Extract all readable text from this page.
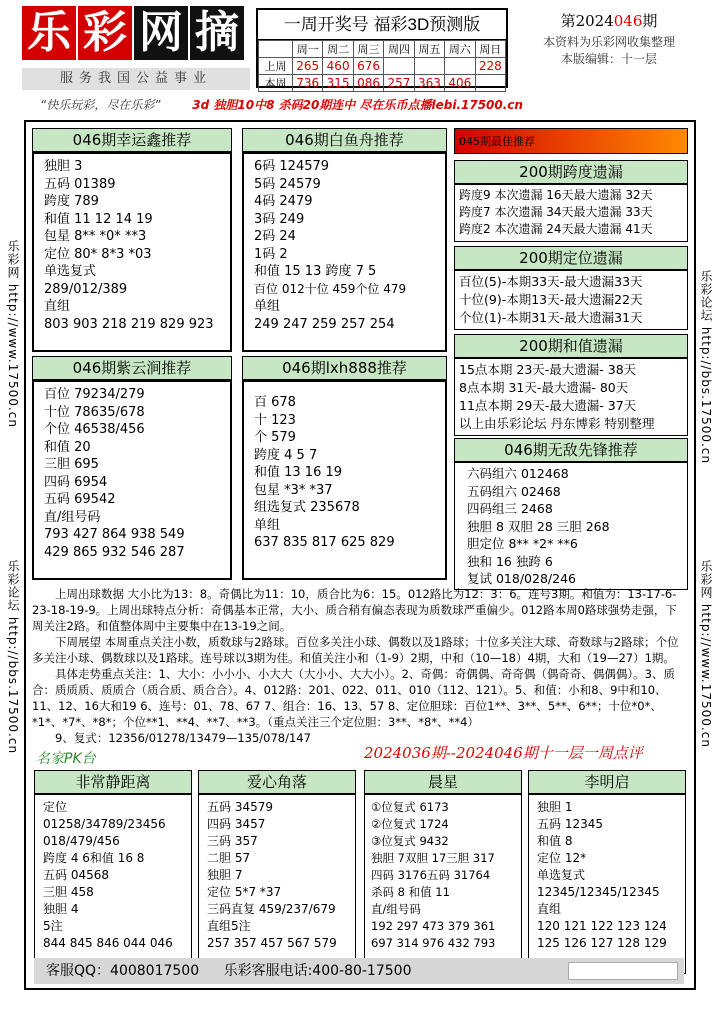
乐 彩 网 摘
服务我国公益事业
一周开奖号 福彩3D预测版
	周一	周二	周三	周四	周五	周六	周日
上周	265	460	676				228
本周	736	315	086	257	363	406	
第2024046期
本资料为乐彩网收集整理
本版编辑：十一层
“快乐玩彩，尽在乐彩”	3d 独胆10中8 杀码20期连中 尽在乐币点播lebi.17500.cn
乐彩网 http://www.17500.cn
乐彩论坛 http://bbs.17500.cn
乐彩论坛 http://bbs.17500.cn
乐彩网 http://www.17500.cn
046期幸运鑫推荐
独胆 3
五码 01389
跨度 789
和值 11 12 14 19
包星 8** *0* **3
定位 80* 8*3 *03
单选复式
289/012/389
直组
803 903 218 219 829 923
046期白鱼舟推荐
6码 124579
5码 24579
4码 2479
3码 249
2码 24
1码 2
和值 15 13 跨度 7 5
百位 012十位 459个位 479
单组
249 247 259 257 254
046期紫云涧推荐
百位 79234/279
十位 78635/678
个位 46538/456
和值 20
三胆 695
四码 6954
五码 69542
直/组号码
793 427 864 938 549
429 865 932 546 287
046期lxh888推荐
百 678
十 123
个 579
跨度 4 5 7
和值 13 16 19
包星 *3* *37
组选复式 235678
单组
637 835 817 625 829
045期最佳推荐
200期跨度遗漏
跨度9 本次遗漏 16天最大遗漏 32天
跨度7 本次遗漏 34天最大遗漏 33天
跨度2 本次遗漏 24天最大遗漏 41天
200期定位遗漏
百位(5)-本期33天-最大遗漏33天
十位(9)-本期13天-最大遗漏22天
个位(1)-本期31天-最大遗漏31天
200期和值遗漏
15点本期 23天-最大遗漏- 38天
8点本期 31天-最大遗漏- 80天
11点本期 29天-最大遗漏- 37天
以上由乐彩论坛 丹东博彩 特别整理
046期无敌先锋推荐
六码组六 012468
五码组六 02468
四码组三 2468
独胆 8 双胆 28 三胆 268
胆定位 8** *2* **6
独和 16 独跨 6
复试 018/028/246
上周出球数据 大小比为13：8。奇偶比为11：10，质合比为6：15。012路比为12：3：6。连号3期。和值为：13-17-6-23-18-19-9。上周出球特点分析：奇偶基本正常，大小、质合稍有偏态表现为质数球严重偏少。012路本周0路球强势走强，下周关注2路。和值整体周中主要集中在13-19之间。
下周展望 本周重点关注小数，质数球与2路球。百位多关注小球、偶数以及1路球；十位多关注大球、奇数球与2路球；个位多关注小球、偶数球以及1路球。连号球以3期为佳。和值关注小和（1-9）2期，中和（10—18）4期，大和（19—27）1期。
具体走势重点关注：1、大小：小小小、小大大（大小小、大大小）。2、奇偶：奇偶偶、奇奇偶（偶奇奇、偶偶偶）。3、质合：质质质、质质合（质合质、质合合）。4、012路：201、022、011、010（112、121）。5、和值：小和8、9中和10、11、12、16大和19 6、连号：01、78、67 7、组合：16、13、57 8、定位胆球：百位1**、3**、5**、6**；十位*0*、*1*、*7*、*8*；个位**1、**4、**7、**3。（重点关注三个定位胆：3**、*8*、**4）
9、复式：12356/01278/13479—135/078/147
名家PK台	2024036期--2024046期十一层一周点评
非常静距离
定位
01258/34789/23456
018/479/456
跨度 4 6和值 16 8
五码 04568
三胆 458
独胆 4
5注
844 845 846 044 046
爱心角落
五码 34579
四码 3457
三码 357
二胆 57
独胆 7
定位 5*7 *37
三码直复 459/237/679
直组5注
257 357 457 567 579
晨星
①位复式 6173
②位复式 1724
③位复式 9432
独胆 7双胆 17三胆 317
四码 3176五码 31764
杀码 8 和值 11
直/组号码
192 297 473 379 361
697 314 976 432 793
李明启
独胆 1
五码 12345
和值 8
定位 12*
单选复式
12345/12345/12345
直组
120 121 122 123 124
125 126 127 128 129
客服QQ：4008017500 乐彩客服电话:400-80-17500
